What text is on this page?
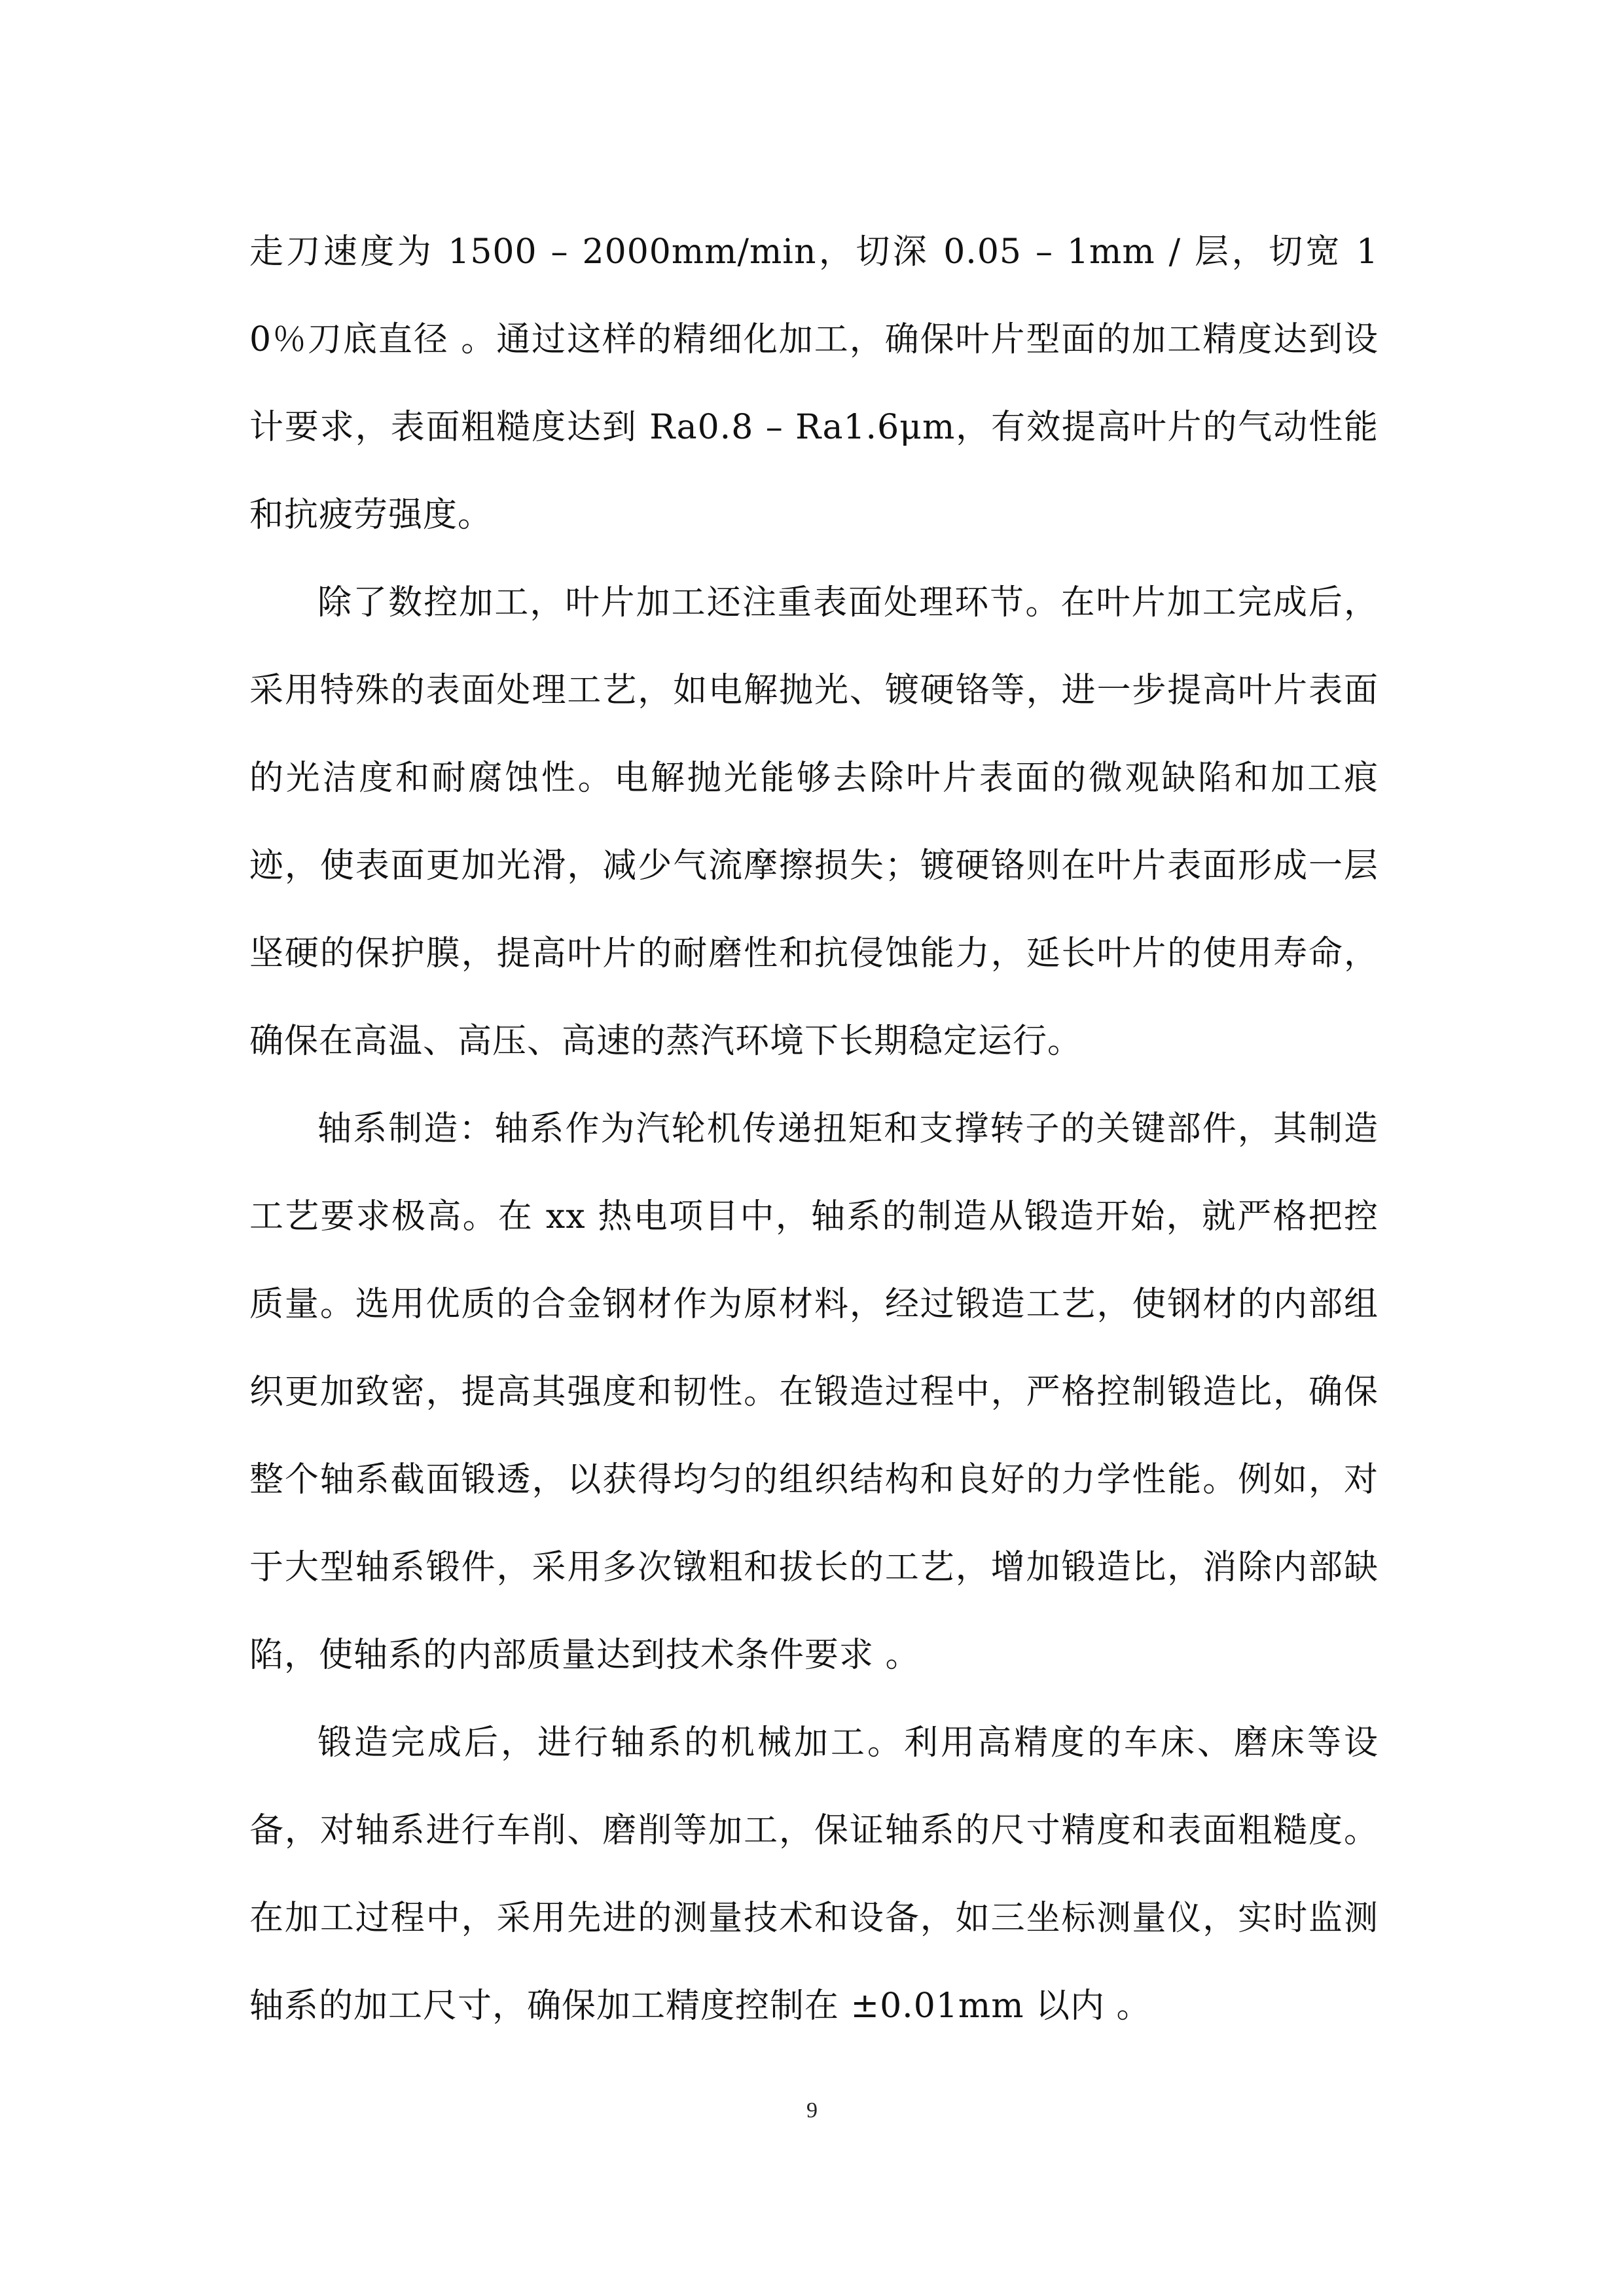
走刀速度为 1500 – 2000mm/min，切深 0.05 – 1mm / 层，切宽 10％刀底直径 。通过这样的精细化加工，确保叶片型面的加工精度达到设计要求，表面粗糙度达到 Ra0.8 – Ra1.6μm，有效提高叶片的气动性能和抗疲劳强度。

除了数控加工，叶片加工还注重表面处理环节。在叶片加工完成后，采用特殊的表面处理工艺，如电解抛光、镀硬铬等，进一步提高叶片表面的光洁度和耐腐蚀性。电解抛光能够去除叶片表面的微观缺陷和加工痕迹，使表面更加光滑，减少气流摩擦损失；镀硬铬则在叶片表面形成一层坚硬的保护膜，提高叶片的耐磨性和抗侵蚀能力，延长叶片的使用寿命，确保在高温、高压、高速的蒸汽环境下长期稳定运行。

轴系制造：轴系作为汽轮机传递扭矩和支撑转子的关键部件，其制造工艺要求极高。在 xx 热电项目中，轴系的制造从锻造开始，就严格把控质量。选用优质的合金钢材作为原材料，经过锻造工艺，使钢材的内部组织更加致密，提高其强度和韧性。在锻造过程中，严格控制锻造比，确保整个轴系截面锻透，以获得均匀的组织结构和良好的力学性能。例如，对于大型轴系锻件，采用多次镦粗和拔长的工艺，增加锻造比，消除内部缺陷，使轴系的内部质量达到技术条件要求 。

锻造完成后，进行轴系的机械加工。利用高精度的车床、磨床等设备，对轴系进行车削、磨削等加工，保证轴系的尺寸精度和表面粗糙度。在加工过程中，采用先进的测量技术和设备，如三坐标测量仪，实时监测轴系的加工尺寸，确保加工精度控制在 ±0.01mm 以内 。

9
